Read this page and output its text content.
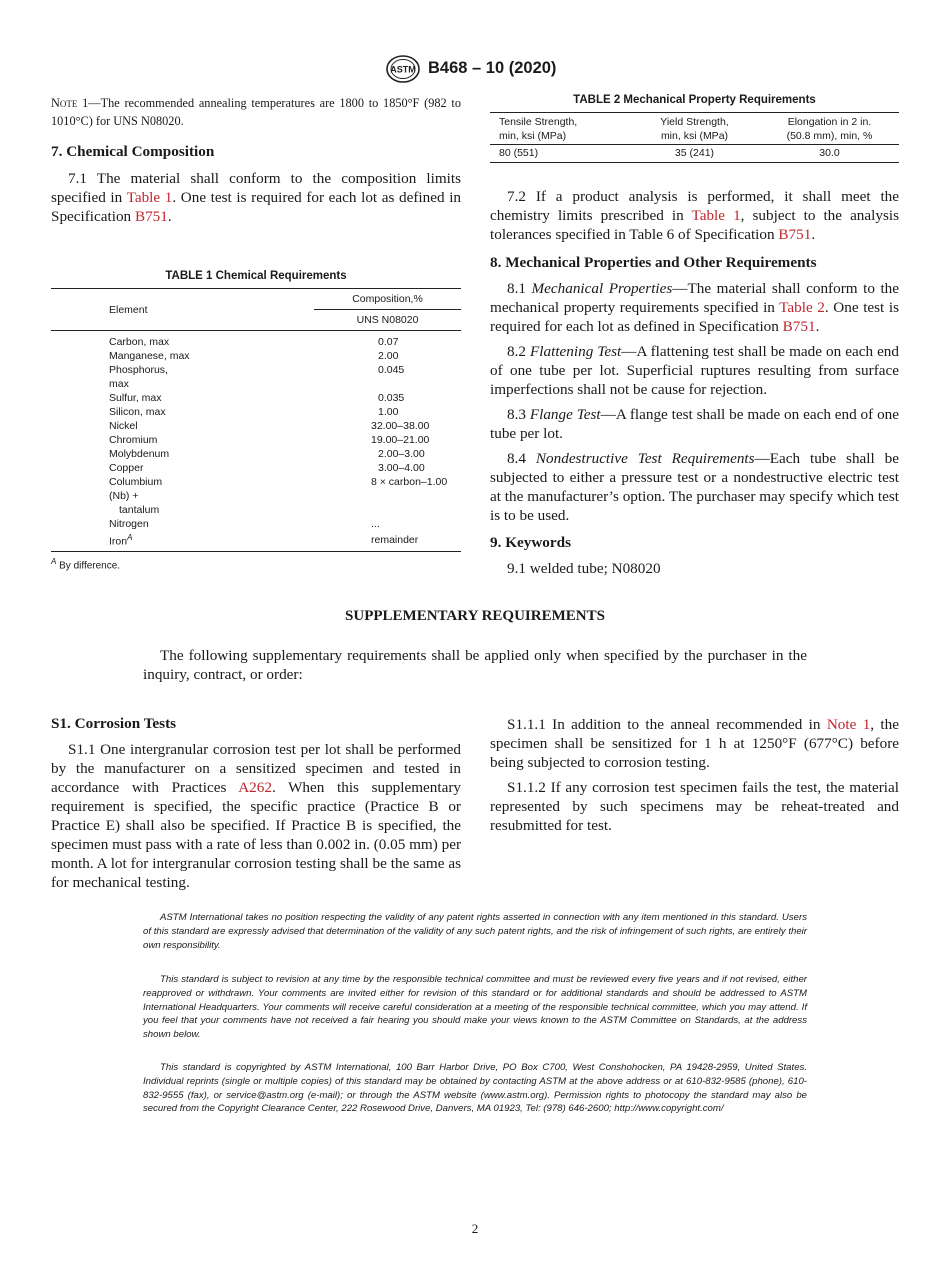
ASTM B468 – 10 (2020)
Note 1—The recommended annealing temperatures are 1800 to 1850°F (982 to 1010°C) for UNS N08020.
7. Chemical Composition

7.1 The material shall conform to the composition limits specified in Table 1. One test is required for each lot as defined in Specification B751.

TABLE 1 Chemical Requirements
Element	Composition,%
	UNS N08020

Carbon, max	0.07
Manganese, max	2.00
Phosphorus,
max	0.045
Sulfur, max	0.035
Silicon, max	1.00
Nickel	32.00–38.00
Chromium	19.00–21.00
Molybdenum	2.00–3.00
Copper	3.00–4.00
Columbium
(Nb) +
tantalum	8 × carbon–1.00
Nitrogen	...
Iron$^A$	remainder
$^A$ By difference.
TABLE 2 Mechanical Property Requirements
Tensile Strength,
min, ksi (MPa)	Yield Strength,
min, ksi (MPa)	Elongation in 2 in.
(50.8 mm), min, %
80 (551)	35 (241)	30.0

7.2 If a product analysis is performed, it shall meet the chemistry limits prescribed in Table 1, subject to the analysis tolerances specified in Table 6 of Specification B751.

8. Mechanical Properties and Other Requirements

8.1 Mechanical Properties—The material shall conform to the mechanical property requirements specified in Table 2. One test is required for each lot as defined in Specification B751.

8.2 Flattening Test—A flattening test shall be made on each end of one tube per lot. Superficial ruptures resulting from surface imperfections shall not be cause for rejection.

8.3 Flange Test—A flange test shall be made on each end of one tube per lot.

8.4 Nondestructive Test Requirements—Each tube shall be subjected to either a pressure test or a nondestructive electric test at the manufacturer’s option. The purchaser may specify which test is to be used.

9. Keywords

9.1 welded tube; N08020

SUPPLEMENTARY REQUIREMENTS
The following supplementary requirements shall be applied only when specified by the purchaser in the inquiry, contract, or order:
S1. Corrosion Tests

S1.1 One intergranular corrosion test per lot shall be performed by the manufacturer on a sensitized specimen and tested in accordance with Practices A262. When this supplementary requirement is specified, the specific practice (Practice B or Practice E) shall also be specified. If Practice B is specified, the specimen must pass with a rate of less than 0.002 in. (0.05 mm) per month. A lot for intergranular corrosion testing shall be the same as for mechanical testing.

S1.1.1 In addition to the anneal recommended in Note 1, the specimen shall be sensitized for 1 h at 1250°F (677°C) before being subjected to corrosion testing.

S1.1.2 If any corrosion test specimen fails the test, the material represented by such specimens may be reheat-treated and resubmitted for test.

ASTM International takes no position respecting the validity of any patent rights asserted in connection with any item mentioned in this standard. Users of this standard are expressly advised that determination of the validity of any such patent rights, and the risk of infringement of such rights, are entirely their own responsibility.
This standard is subject to revision at any time by the responsible technical committee and must be reviewed every five years and if not revised, either reapproved or withdrawn. Your comments are invited either for revision of this standard or for additional standards and should be addressed to ASTM International Headquarters. Your comments will receive careful consideration at a meeting of the responsible technical committee, which you may attend. If you feel that your comments have not received a fair hearing you should make your views known to the ASTM Committee on Standards, at the address shown below.
This standard is copyrighted by ASTM International, 100 Barr Harbor Drive, PO Box C700, West Conshohocken, PA 19428-2959, United States. Individual reprints (single or multiple copies) of this standard may be obtained by contacting ASTM at the above address or at 610-832-9585 (phone), 610-832-9555 (fax), or service@astm.org (e-mail); or through the ASTM website (www.astm.org). Permission rights to photocopy the standard may also be secured from the Copyright Clearance Center, 222 Rosewood Drive, Danvers, MA 01923, Tel: (978) 646-2600; http://www.copyright.com/
2
